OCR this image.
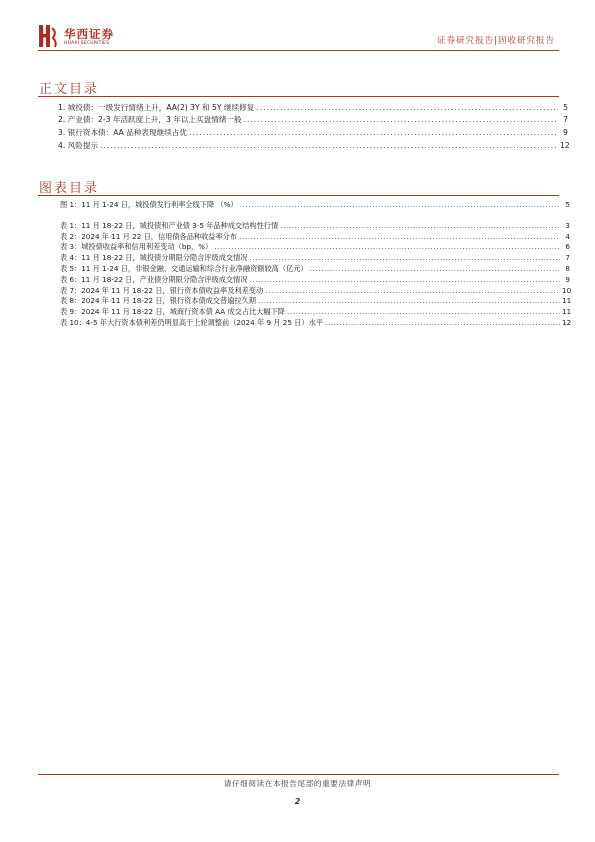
华西证券
HUAXI SECURITIES	证券研究报告|固收研究报告
正文目录
1.
城投债：一级发行情绪上升，AA(2) 3Y 和 5Y 继续修复 .....	5
2.
产业债：2-3 年活跃度上升，3 年以上买盘情绪一般 .....	7
3.
银行资本债：AA 品种表现继续占优 .....	9
4.
风险提示 .....	12
图表目录
图 1：11 月 1-24 日，城投债发行利率全线下降 （%） .....	5
表 1：11 月 18-22 日，城投债和产业债 3-5 年品种成交结构性行情 .....	3
表 2：2024 年 11 月 22 日，信用债各品种收益率分布 .....	4
表 3：城投债收益率和信用利差变动（bp，%） .....	6
表 4：11 月 18-22 日，城投债分期限分隐含评级成交情况 .....	7
表 5：11 月 1-24 日，非银金融、交通运输和综合行业净融资额较高（亿元） .....	8
表 6：11 月 18-22 日，产业债分期限分隐含评级成交情况 .....	9
表 7：2024 年 11 月 18-22 日，银行资本债收益率及利差变动 .....	10
表 8：2024 年 11 月 18-22 日，银行资本债成交普遍拉久期 .....	11
表 9：2024 年 11 月 18-22 日，城商行资本债 AA 成交占比大幅下降 .....	11
表 10：4-5 年大行资本债利差仍明显高于上轮调整前（2024 年 9 月 25 日）水平 .....	12
请仔细阅读在本报告尾部的重要法律声明
2
